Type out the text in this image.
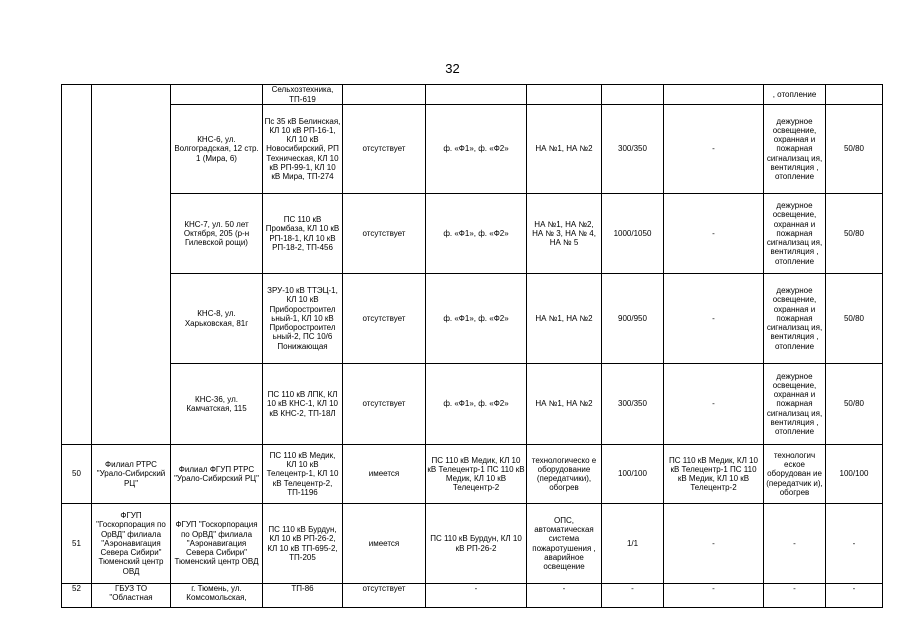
32
			Сельхозтехника, ТП-619						, отопление	
		КНС-6, ул. Волгоградская, 12 стр. 1 (Мира, 6)	Пс 35 кВ Белинская, КЛ 10 кВ РП-16-1, КЛ 10 кВ Новосибирский, РП Техническая, КЛ 10 кВ РП-99-1, КЛ 10 кВ Мира, ТП-274	отсутствует	ф. «Ф1», ф. «Ф2»	НА №1, НА №2	300/350	-	дежурное освещение, охранная и пожарная сигнализац ия, вентиляция , отопление	50/80
		КНС-7, ул. 50 лет Октября, 205 (р-н Гилевской рощи)	ПС 110 кВ Промбаза, КЛ 10 кВ РП-18-1, КЛ 10 кВ РП-18-2, ТП-456	отсутствует	ф. «Ф1», ф. «Ф2»	НА №1, НА №2, НА № 3, НА № 4, НА № 5	1000/1050	-	дежурное освещение, охранная и пожарная сигнализац ия, вентиляция , отопление	50/80
		КНС-8, ул. Харьковская, 81г	ЗРУ-10 кВ ТТЭЦ-1, КЛ 10 кВ Приборостроител ьный-1, КЛ 10 кВ Приборостроител ьный-2, ПС 10/6 Понижающая	отсутствует	ф. «Ф1», ф. «Ф2»	НА №1, НА №2	900/950	-	дежурное освещение, охранная и пожарная сигнализац ия, вентиляция , отопление	50/80
		КНС-36, ул. Камчатская, 115	ПС 110 кВ ЛПК, КЛ 10 кВ КНС-1, КЛ 10 кВ КНС-2, ТП-18Л	отсутствует	ф. «Ф1», ф. «Ф2»	НА №1, НА №2	300/350	-	дежурное освещение, охранная и пожарная сигнализац ия, вентиляция , отопление	50/80
50	Филиал РТРС "Урало-Сибирский РЦ"	Филиал ФГУП РТРС "Урало-Сибирский РЦ"	ПС 110 кВ Медик, КЛ 10 кВ Телецентр-1, КЛ 10 кВ Телецентр-2, ТП-1196	имеется	ПС 110 кВ Медик, КЛ 10 кВ Телецентр-1 ПС 110 кВ Медик, КЛ 10 кВ Телецентр-2	технологическо е оборудование (передатчики), обогрев	100/100	ПС 110 кВ Медик, КЛ 10 кВ Телецентр-1 ПС 110 кВ Медик, КЛ 10 кВ Телецентр-2	технологич еское оборудован ие (передатчик и), обогрев	100/100
51	ФГУП "Госкорпорация по ОрВД" филиала "Аэронавигация Севера Сибири" Тюменский центр ОВД	ФГУП "Госкорпорация по ОрВД" филиала "Аэронавигация Севера Сибири" Тюменский центр ОВД	ПС 110 кВ Бурдун, КЛ 10 кВ РП-26-2, КЛ 10 кВ ТП-695-2, ТП-205	имеется	ПС 110 кВ Бурдун, КЛ 10 кВ РП-26-2	ОПС, автоматическая система пожаротушения , аварийное освещение	1/1	-	-	-
52	ГБУЗ ТО "Областная	г. Тюмень, ул. Комсомольская,	ТП-86	отсутствует	-	-	-	-	-	-
